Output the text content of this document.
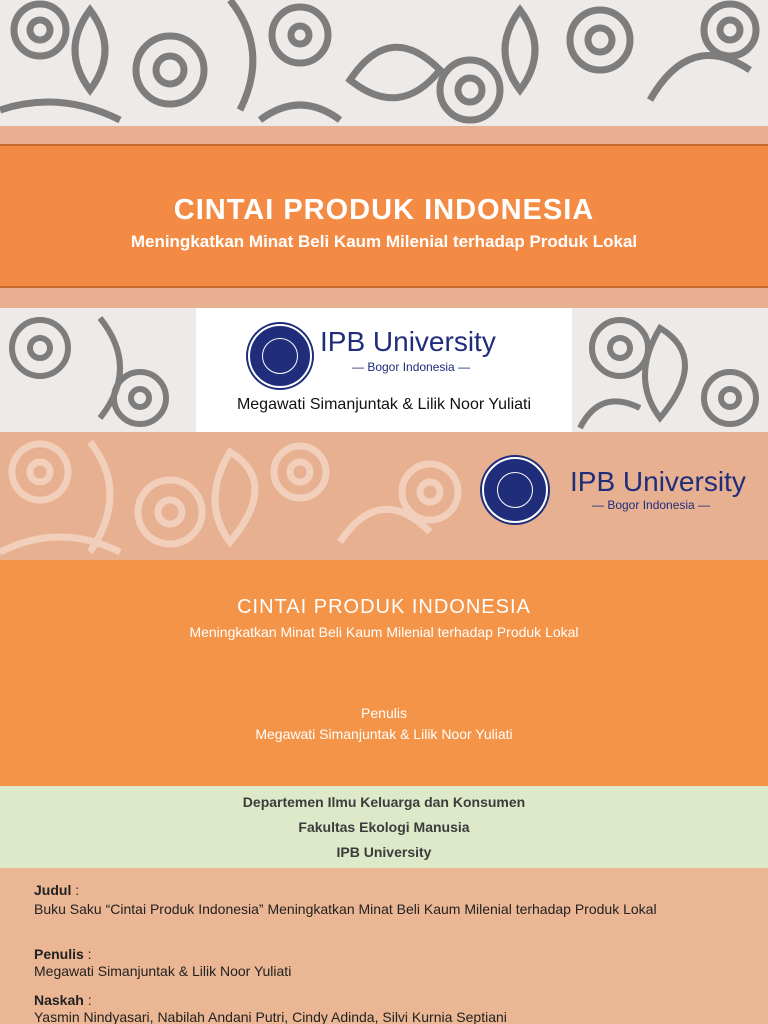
CINTAI PRODUK INDONESIA
Meningkatkan Minat Beli Kaum Milenial terhadap Produk Lokal
IPB University
— Bogor Indonesia —
Megawati Simanjuntak & Lilik Noor Yuliati
IPB University
— Bogor Indonesia —
CINTAI PRODUK INDONESIA
Meningkatkan Minat Beli Kaum Milenial terhadap Produk Lokal
Penulis
Megawati Simanjuntak & Lilik Noor Yuliati
Departemen Ilmu Keluarga dan Konsumen
Fakultas Ekologi Manusia
IPB University
Judul :
Buku Saku “Cintai Produk Indonesia” Meningkatkan Minat Beli Kaum Milenial terhadap Produk Lokal
Penulis :
Megawati Simanjuntak & Lilik Noor Yuliati
Naskah :
Yasmin Nindyasari, Nabilah Andani Putri, Cindy Adinda, Silvi Kurnia Septiani
